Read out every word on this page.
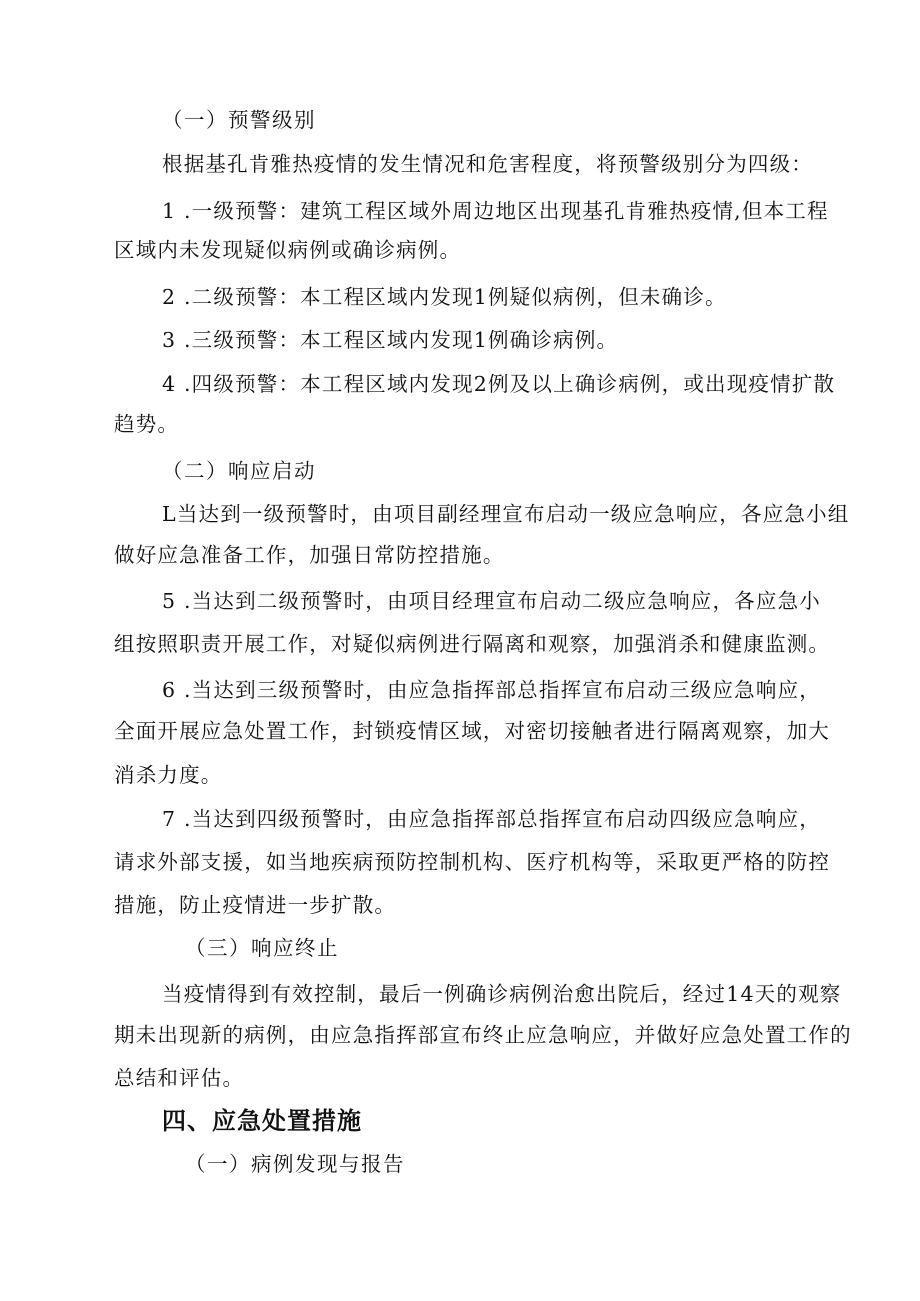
（一）预警级别
根据基孔肯雅热疫情的发生情况和危害程度，将预警级别分为四级：
1 .一级预警：建筑工程区域外周边地区出现基孔肯雅热疫情,但本工程
区域内未发现疑似病例或确诊病例。
2 .二级预警：本工程区域内发现1例疑似病例，但未确诊。
3 .三级预警：本工程区域内发现1例确诊病例。
4 .四级预警：本工程区域内发现2例及以上确诊病例，或出现疫情扩散
趋势。
（二）响应启动
L当达到一级预警时，由项目副经理宣布启动一级应急响应，各应急小组
做好应急准备工作，加强日常防控措施。
5 .当达到二级预警时，由项目经理宣布启动二级应急响应，各应急小
组按照职责开展工作，对疑似病例进行隔离和观察，加强消杀和健康监测。
6 .当达到三级预警时，由应急指挥部总指挥宣布启动三级应急响应，
全面开展应急处置工作，封锁疫情区域，对密切接触者进行隔离观察，加大
消杀力度。
7 .当达到四级预警时，由应急指挥部总指挥宣布启动四级应急响应，
请求外部支援，如当地疾病预防控制机构、医疗机构等，采取更严格的防控
措施，防止疫情进一步扩散。
（三）响应终止
当疫情得到有效控制，最后一例确诊病例治愈出院后，经过14天的观察
期未出现新的病例，由应急指挥部宣布终止应急响应，并做好应急处置工作的
总结和评估。
四、应急处置措施
（一）病例发现与报告
